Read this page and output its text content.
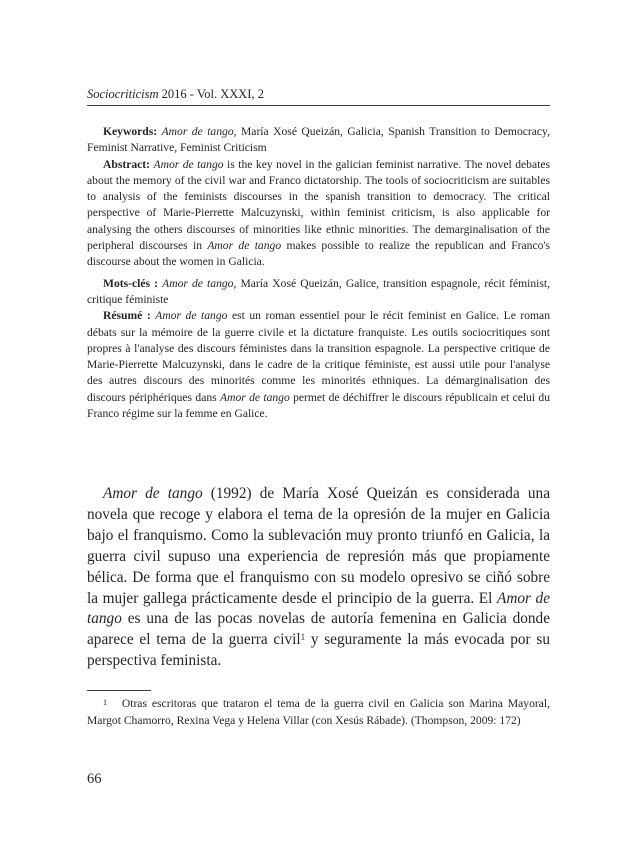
Sociocriticism 2016 - Vol. XXXI, 2

Keywords: Amor de tango, María Xosé Queizán, Galicia, Spanish Transition to Democracy, Feminist Narrative, Feminist Criticism

Abstract: Amor de tango is the key novel in the galician feminist narrative. The novel debates about the memory of the civil war and Franco dictatorship. The tools of sociocriticism are suitables to analysis of the feminists discourses in the spanish transition to democracy. The critical perspective of Marie-Pierrette Malcuzynski, within feminist criticism, is also applicable for analysing the others discourses of minorities like ethnic minorities. The demarginalisation of the peripheral discourses in Amor de tango makes possible to realize the republican and Franco's discourse about the women in Galicia.

Mots-clés : Amor de tango, María Xosé Queizán, Galice, transition espagnole, récit féminist, critique féministe

Résumé : Amor de tango est un roman essentiel pour le récit feminist en Galice. Le roman débats sur la mémoire de la guerre civile et la dictature franquiste. Les outils sociocritiques sont propres à l'analyse des discours féministes dans la transition espagnole. La perspective critique de Marie-Pierrette Malcuzynski, dans le cadre de la critique féministe, est aussi utile pour l'analyse des autres discours des minorités comme les minorités ethniques. La démarginalisation des discours périphériques dans Amor de tango permet de déchiffrer le discours républicain et celui du Franco régime sur la femme en Galice.

Amor de tango (1992) de María Xosé Queizán es considerada una novela que recoge y elabora el tema de la opresión de la mujer en Galicia bajo el franquismo. Como la sublevación muy pronto triunfó en Galicia, la guerra civil supuso una experiencia de represión más que propiamente bélica. De forma que el franquismo con su modelo opresivo se ciñó sobre la mujer gallega prácticamente desde el principio de la guerra. El Amor de tango es una de las pocas novelas de autoría femenina en Galicia donde aparece el tema de la guerra civil$^1$ y seguramente la más evocada por su perspectiva feminista.

$^1$ Otras escritoras que trataron el tema de la guerra civil en Galicia son Marina Mayoral, Margot Chamorro, Rexina Vega y Helena Villar (con Xesús Rábade). (Thompson, 2009: 172)

66
